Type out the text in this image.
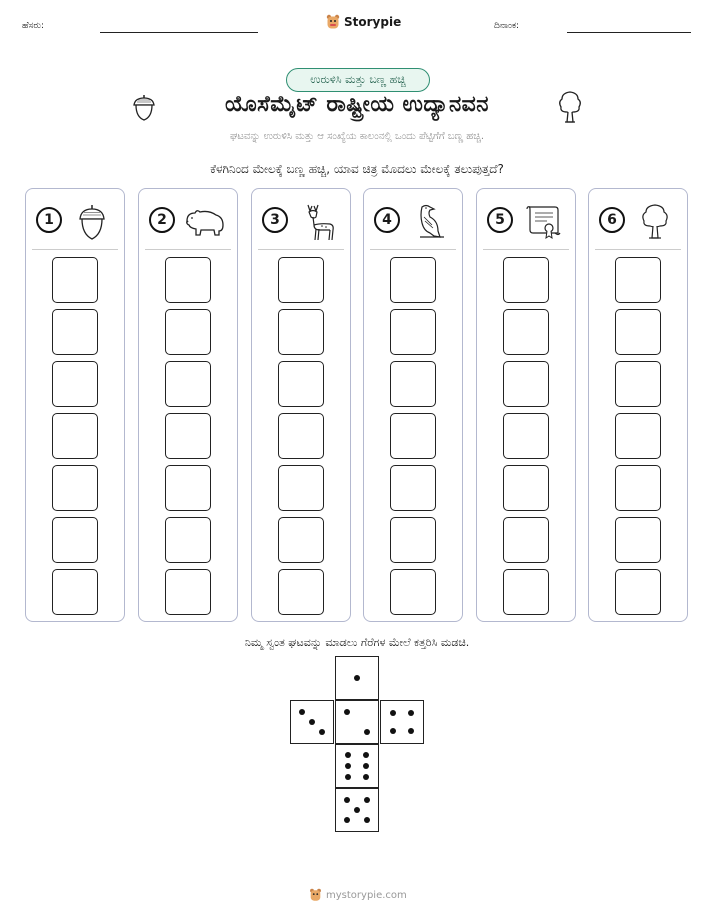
ಹೆಸರು:	Storypie	ದಿನಾಂಕ:
ಉರುಳಿಸಿ ಮತ್ತು ಬಣ್ಣ ಹಚ್ಚಿ
ಯೊಸೆಮೈಟ್ ರಾಷ್ಟ್ರೀಯ ಉದ್ಯಾನವನ
ಘಟವನ್ನು ಉರುಳಿಸಿ ಮತ್ತು ಆ ಸಂಖ್ಯೆಯ ಕಾಲಂನಲ್ಲಿ ಒಂದು ಪೆಟ್ಟಿಗೆಗೆ ಬಣ್ಣ ಹಚ್ಚಿ.
ಕೆಳಗಿನಿಂದ ಮೇಲಕ್ಕೆ ಬಣ್ಣ ಹಚ್ಚಿ, ಯಾವ ಚಿತ್ರ ಮೊದಲು ಮೇಲಕ್ಕೆ ತಲುಪುತ್ತದೆ?
1	2	3	4	5	6
ನಿಮ್ಮ ಸ್ವಂತ ಘಟವನ್ನು ಮಾಡಲು ಗೆರೆಗಳ ಮೇಲೆ ಕತ್ತರಿಸಿ ಮಡಚಿ.
mystorypie.com
